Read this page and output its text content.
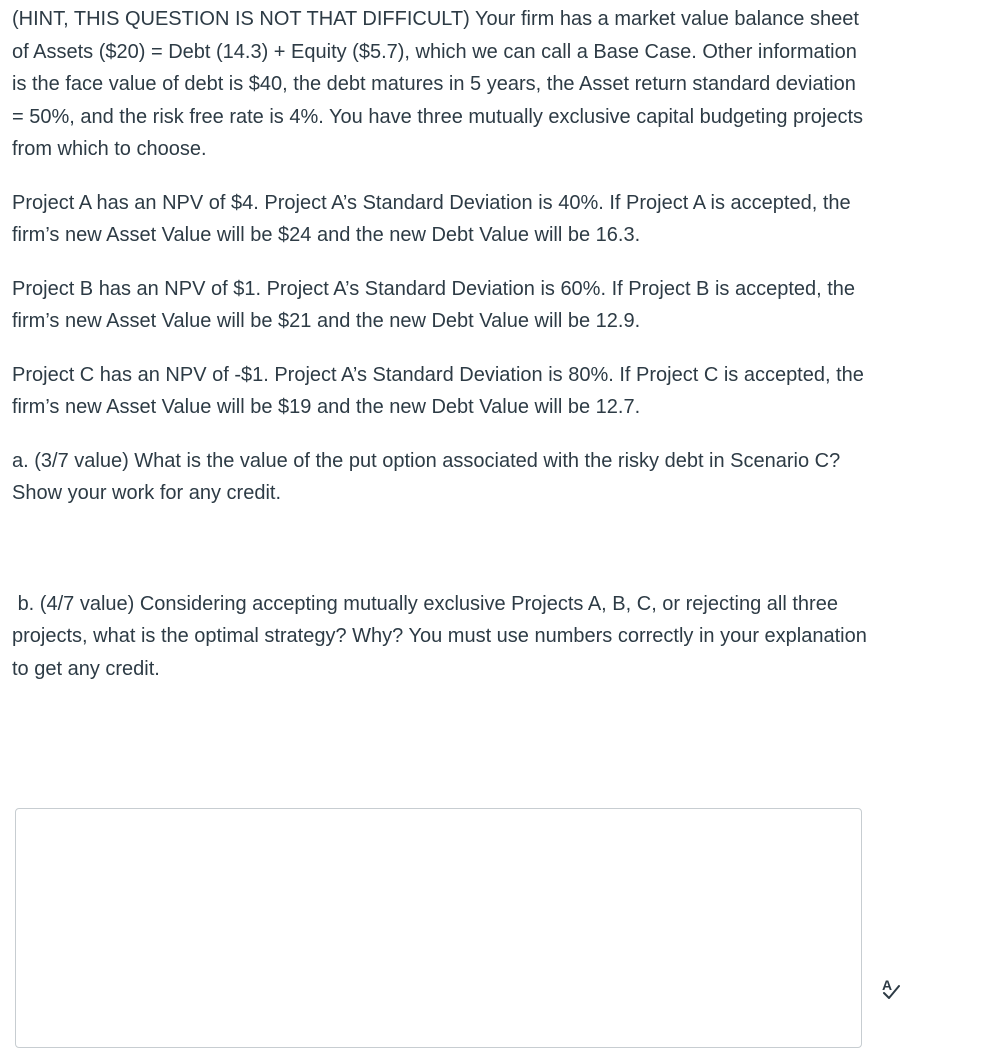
(HINT, THIS QUESTION IS NOT THAT DIFFICULT) Your firm has a market value balance sheet of Assets ($20) = Debt (14.3) + Equity ($5.7), which we can call a Base Case. Other information is the face value of debt is $40, the debt matures in 5 years, the Asset return standard deviation = 50%, and the risk free rate is 4%. You have three mutually exclusive capital budgeting projects from which to choose.

Project A has an NPV of $4. Project A’s Standard Deviation is 40%. If Project A is accepted, the firm’s new Asset Value will be $24 and the new Debt Value will be 16.3.

Project B has an NPV of $1. Project A’s Standard Deviation is 60%. If Project B is accepted, the firm’s new Asset Value will be $21 and the new Debt Value will be 12.9.

Project C has an NPV of -$1. Project A’s Standard Deviation is 80%. If Project C is accepted, the firm’s new Asset Value will be $19 and the new Debt Value will be 12.7.

a. (3/7 value) What is the value of the put option associated with the risky debt in Scenario C? Show your work for any credit.

b. (4/7 value) Considering accepting mutually exclusive Projects A, B, C, or rejecting all three projects, what is the optimal strategy? Why? You must use numbers correctly in your explanation to get any credit.

A
